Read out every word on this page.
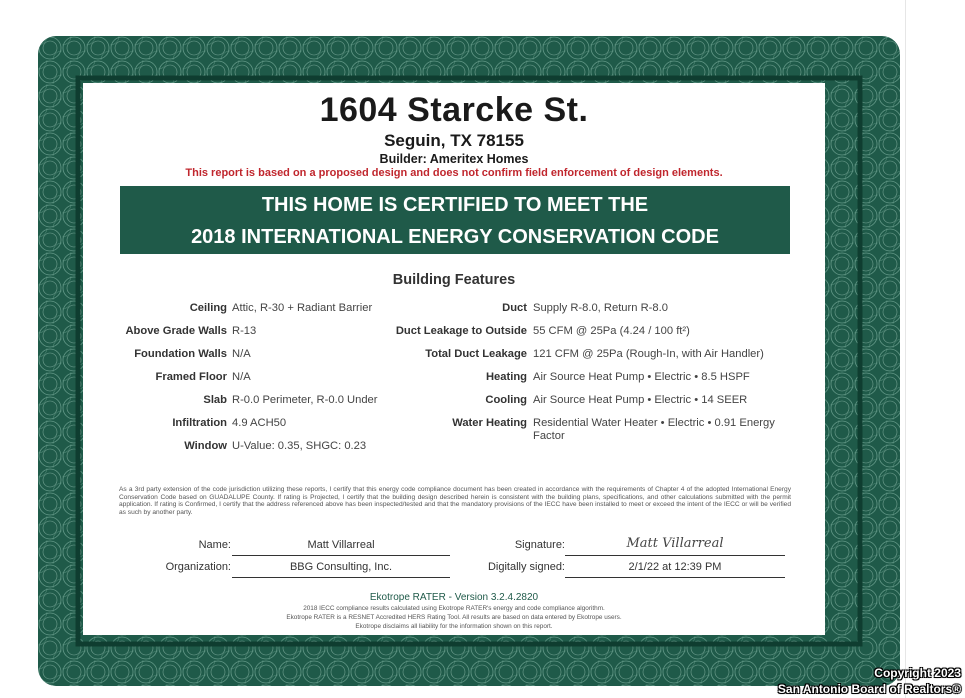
1604 Starcke St.
Seguin, TX 78155
Builder: Ameritex Homes
This report is based on a proposed design and does not confirm field enforcement of design elements.
THIS HOME IS CERTIFIED TO MEET THE
2018 INTERNATIONAL ENERGY CONSERVATION CODE
Building Features
Ceiling Attic, R-30 + Radiant Barrier
Above Grade Walls R-13
Foundation Walls N/A
Framed Floor N/A
Slab R-0.0 Perimeter, R-0.0 Under
Infiltration 4.9 ACH50
Window U-Value: 0.35, SHGC: 0.23
Duct Supply R-8.0, Return R-8.0
Duct Leakage to Outside 55 CFM @ 25Pa (4.24 / 100 ft²)
Total Duct Leakage 121 CFM @ 25Pa (Rough-In, with Air Handler)
Heating Air Source Heat Pump • Electric • 8.5 HSPF
Cooling Air Source Heat Pump • Electric • 14 SEER
Water Heating Residential Water Heater • Electric • 0.91 Energy Factor
As a 3rd party extension of the code jurisdiction utilizing these reports, I certify that this energy code compliance document has been created in accordance with the requirements of Chapter 4 of the adopted International Energy Conservation Code based on GUADALUPE County. If rating is Projected, I certify that the building design described herein is consistent with the building plans, specifications, and other calculations submitted with the permit application. If rating is Confirmed, I certify that the address referenced above has been inspected/tested and that the mandatory provisions of the IECC have been installed to meet or exceed the intent of the IECC or will be verified as such by another party.
Name:	Matt Villarreal
Organization:	BBG Consulting, Inc.
Signature:	Matt Villarreal
Digitally signed:	2/1/22 at 12:39 PM
Ekotrope RATER - Version 3.2.4.2820
2018 IECC compliance results calculated using Ekotrope RATER's energy and code compliance algorithm.
Ekotrope RATER is a RESNET Accredited HERS Rating Tool. All results are based on data entered by Ekotrope users.
Ekotrope disclaims all liability for the information shown on this report.
Copyright 2023
San Antonio Board of Realtors®
